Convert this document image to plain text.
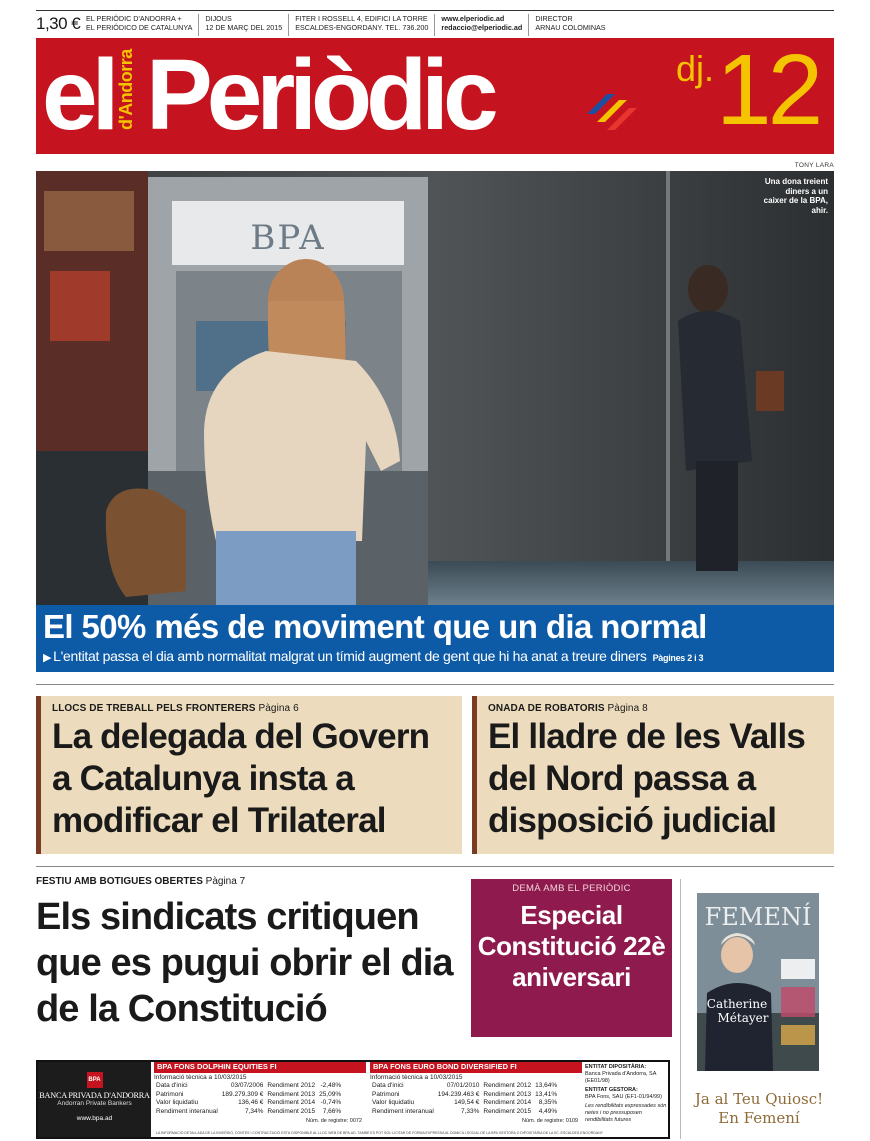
1,30 € EL PERIÒDIC D'ANDORRA +
EL PERIÓDICO DE CATALUNYA
DIJOUS
12 DE MARÇ DEL 2015
FITER I ROSSELL 4, EDIFICI LA TORRE
ESCALDES-ENGORDANY. TEL. 736.200
www.elperiodic.ad
redaccio@elperiodic.ad
DIRECTOR
ARNAU COLOMINAS
el d'Andorra Periòdic	dj. 12
TONY LARA
BPA
Una dona treient diners a un caixer de la BPA, ahir.
El 50% més de moviment que un dia normal
▶ L'entitat passa el dia amb normalitat malgrat un tímid augment de gent que hi ha anat a treure diners Pàgines 2 i 3
LLOCS DE TREBALL PELS FRONTERERS Pàgina 6
La delegada del Govern a Catalunya insta a modificar el Trilateral
ONADA DE ROBATORIS Pàgina 8
El lladre de les Valls del Nord passa a disposició judicial
FESTIU AMB BOTIGUES OBERTES Pàgina 7
Els sindicats critiquen que es pugui obrir el dia de la Constitució
DEMÀ AMB EL PERIÒDIC
Especial Constitució 22è aniversari
FEMENÍ
Catherine
Métayer
Ja al Teu Quiosc! En Femení
BPA
BANCA PRIVADA D'ANDORRA
Andorran Private Bankers
www.bpa.ad
BPA FONS DOLPHIN EQUITIES FI
Informació tècnica a 10/03/2015
Data d'inici	03/07/2006	Rendiment 2012	-2,48%
Patrimoni	189.279.309 €	Rendiment 2013	25,09%
Valor liquidatiu	136,46 €	Rendiment 2014	-0,74%
Rendiment interanual	7,34%	Rendiment 2015	7,66%
Núm. de registre: 0072
BPA FONS EURO BOND DIVERSIFIED FI
Informació tècnica a 10/03/2015
Data d'inici	07/01/2010	Rendiment 2012	13,64%
Patrimoni	194.239.463 €	Rendiment 2013	13,41%
Valor liquidatiu	149,54 €	Rendiment 2014	8,35%
Rendiment interanual	7,33%	Rendiment 2015	4,49%
Núm. de registre: 0109
ENTITAT DIPOSITÀRIA:
Banca Privada d'Andorra, SA (EE01/98)
ENTITAT GESTORA:
BPA Fons, SAU (EF1-01/94/99)
Les rendibilitats expressades són netes i no pressuposen rendibilitats futures
LA INFORMACIÓ DETALLADA DE LA INVERSIÓ, CONTES I CONTRACTACIÓ ESTÀ DISPONIBLE AL LLOC WEB DE BPA.AD. TAMBÉ ES POT SOL·LICITAR DE FORMA EXPRESSA AL DOMICILI SOCIAL DE LA BPA GESTORA O DIPOSITÀRIA DE LA IIC. ESCALDES-ENGORDANY
